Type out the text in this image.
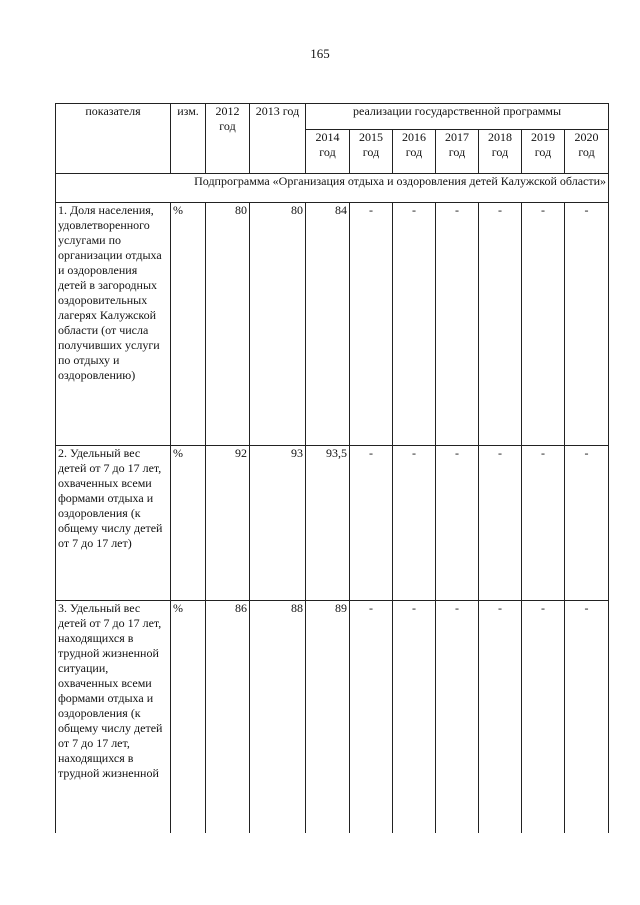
165
показателя	изм.	2012 год	2013 год	реализации государственной программы						
				2014 год	2015 год	2016 год	2017 год	2018 год	2019 год	2020 год
Подпрограмма «Организация отдыха и оздоровления детей Калужской области»										
1. Доля населения, удовлетворенного услугами по организации отдыха и оздоровления детей в загородных оздоровительных лагерях Калужской области (от числа получивших услуги по отдыху и оздоровлению)	%	80	80	84	-	-	-	-	-	-
2. Удельный вес детей от 7 до 17 лет, охваченных всеми формами отдыха и оздоровления (к общему числу детей от 7 до 17 лет)	%	92	93	93,5	-	-	-	-	-	-
3. Удельный вес детей от 7 до 17 лет, находящихся в трудной жизненной ситуации, охваченных всеми формами отдыха и оздоровления (к общему числу детей от 7 до 17 лет, находящихся в трудной жизненной	%	86	88	89	-	-	-	-	-	-
